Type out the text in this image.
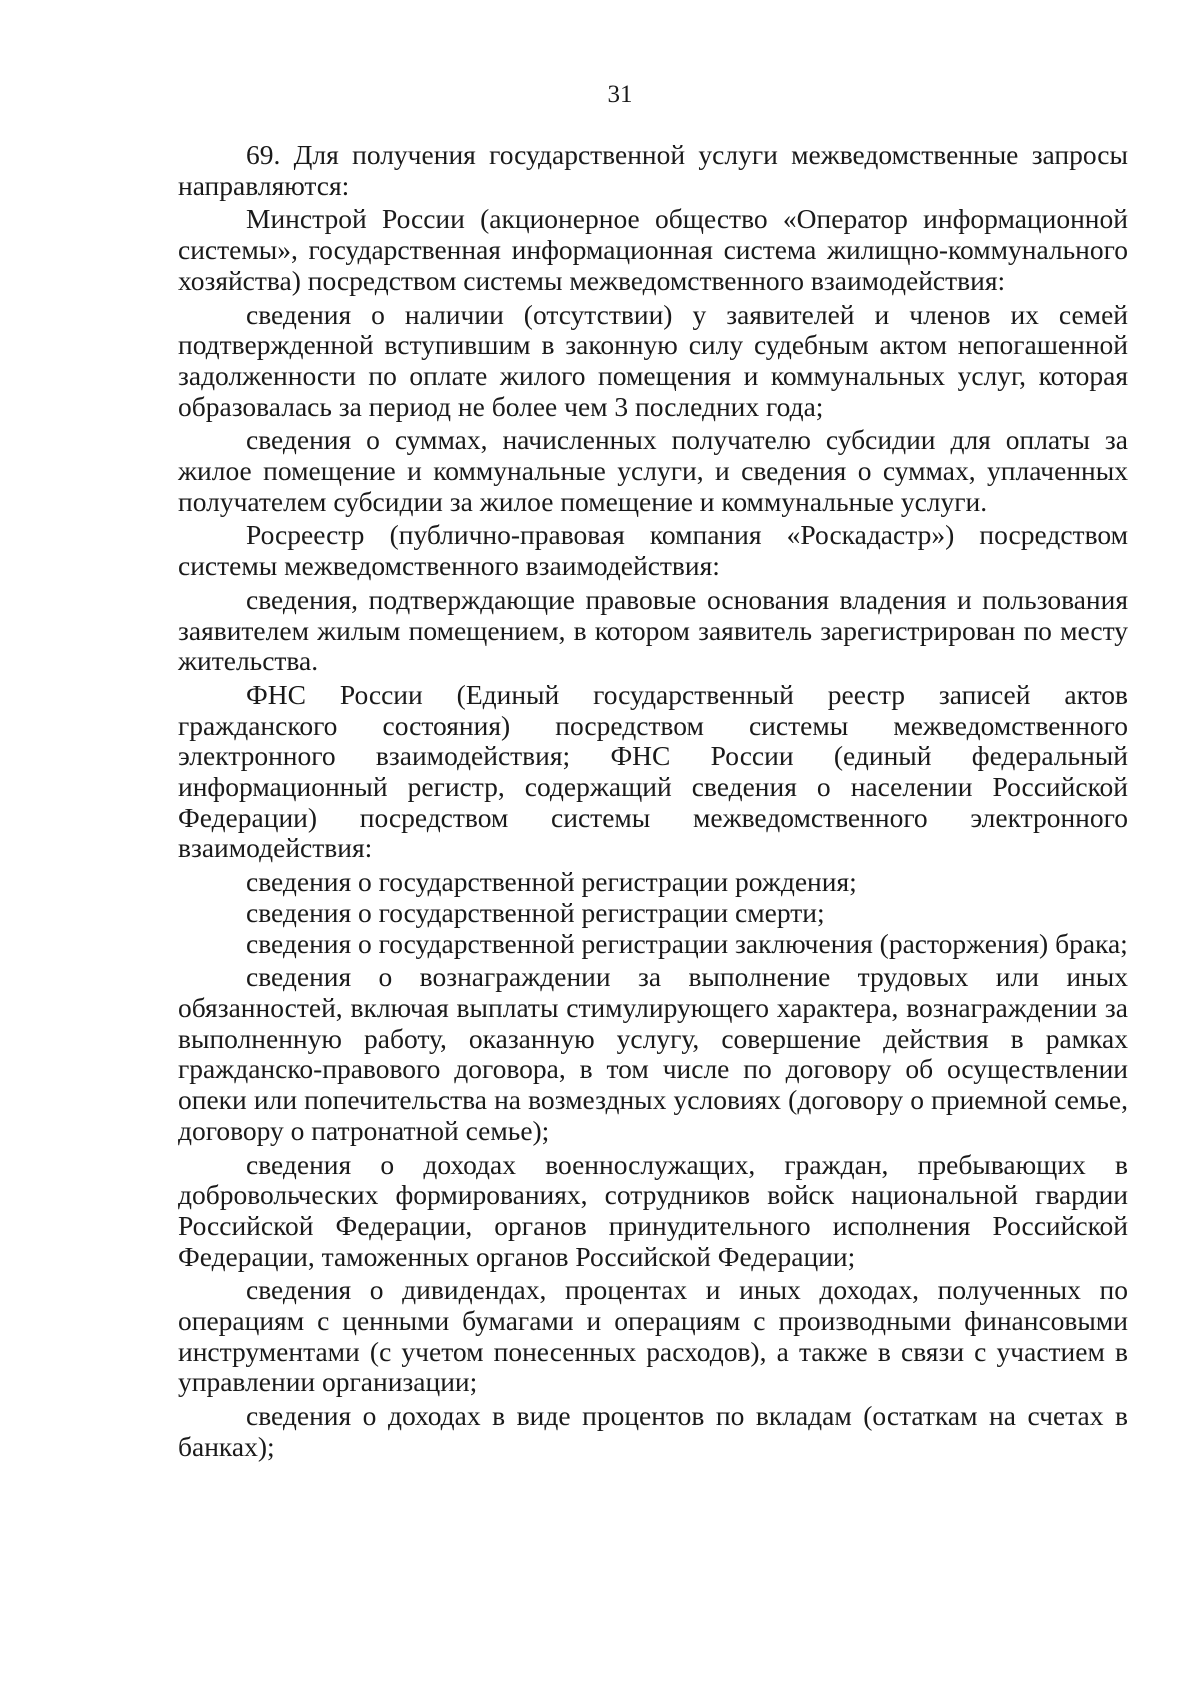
31

69. Для получения государственной услуги межведомственные запросы направляются:

Минстрой России (акционерное общество «Оператор информационной системы», государственная информационная система жилищно-коммунального хозяйства) посредством системы межведомственного взаимодействия:

сведения о наличии (отсутствии) у заявителей и членов их семей подтвержденной вступившим в законную силу судебным актом непогашенной задолженности по оплате жилого помещения и коммунальных услуг, которая образовалась за период не более чем 3 последних года;

сведения о суммах, начисленных получателю субсидии для оплаты за жилое помещение и коммунальные услуги, и сведения о суммах, уплаченных получателем субсидии за жилое помещение и коммунальные услуги.

Росреестр (публично-правовая компания «Роскадастр») посредством системы межведомственного взаимодействия:

сведения, подтверждающие правовые основания владения и пользования заявителем жилым помещением, в котором заявитель зарегистрирован по месту жительства.

ФНС России (Единый государственный реестр записей актов гражданского состояния) посредством системы межведомственного электронного взаимодействия; ФНС России (единый федеральный информационный регистр, содержащий сведения о населении Российской Федерации) посредством системы межведомственного электронного взаимодействия:

сведения о государственной регистрации рождения;

сведения о государственной регистрации смерти;

сведения о государственной регистрации заключения (расторжения) брака;

сведения о вознаграждении за выполнение трудовых или иных обязанностей, включая выплаты стимулирующего характера, вознаграждении за выполненную работу, оказанную услугу, совершение действия в рамках гражданско-правового договора, в том числе по договору об осуществлении опеки или попечительства на возмездных условиях (договору о приемной семье, договору о патронатной семье);

сведения о доходах военнослужащих, граждан, пребывающих в добровольческих формированиях, сотрудников войск национальной гвардии Российской Федерации, органов принудительного исполнения Российской Федерации, таможенных органов Российской Федерации;

сведения о дивидендах, процентах и иных доходах, полученных по операциям с ценными бумагами и операциям с производными финансовыми инструментами (с учетом понесенных расходов), а также в связи с участием в управлении организации;

сведения о доходах в виде процентов по вкладам (остаткам на счетах в банках);
